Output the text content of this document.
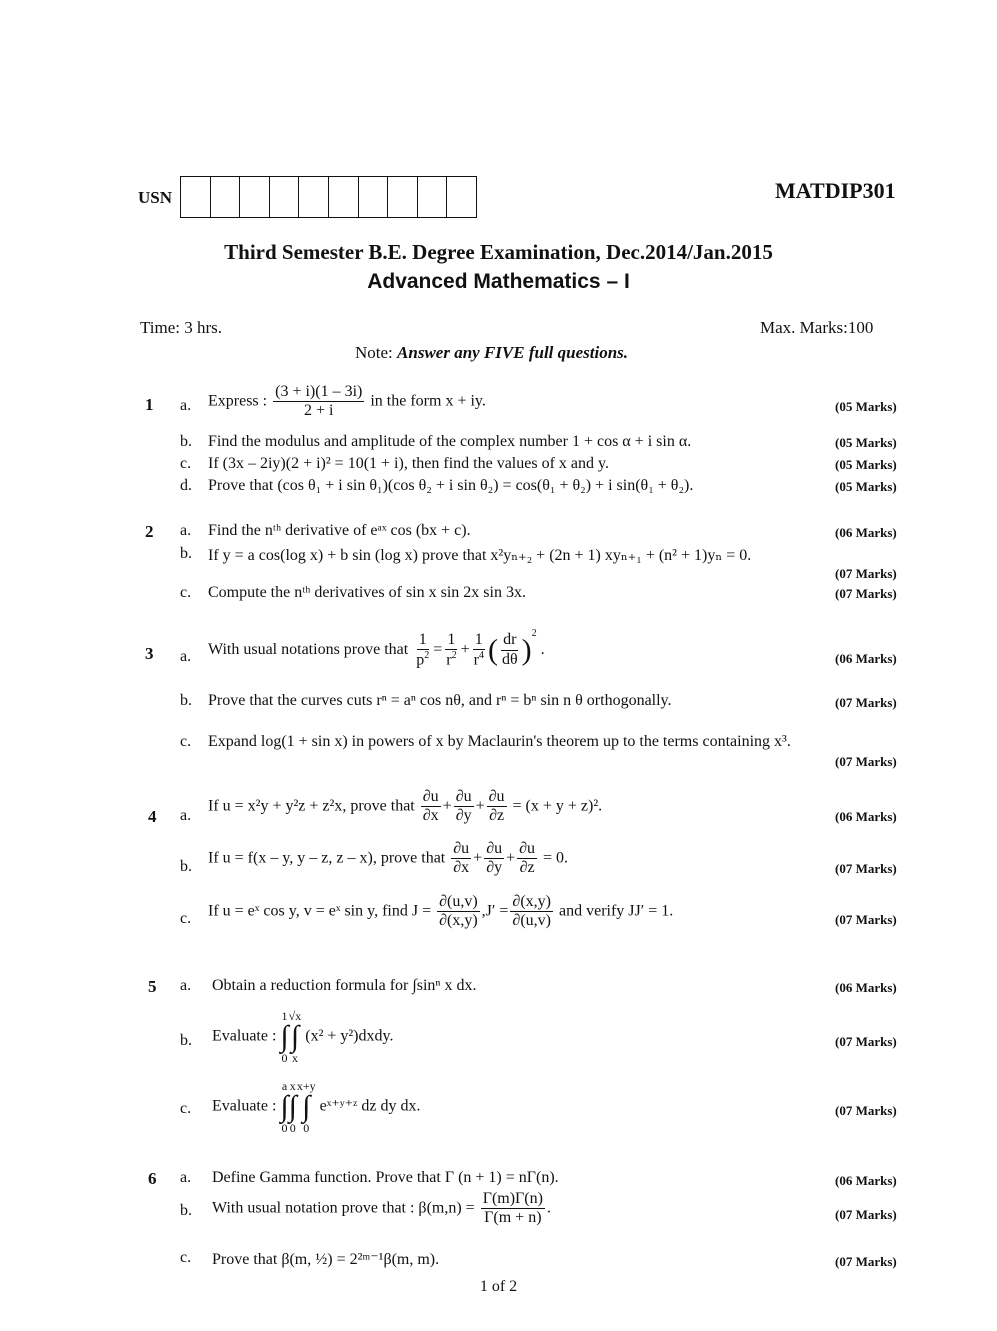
USN	MATDIP301
Third Semester B.E. Degree Examination, Dec.2014/Jan.2015
Advanced Mathematics – I
Time: 3 hrs.	Max. Marks:100
Note: Answer any FIVE full questions.
1 a. Express : $\frac{(3 + i)(1 - 3i)}{2 + i}$ in the form x + iy.	(05 Marks)
b. Find the modulus and amplitude of the complex number 1 + cos α + i sin α.	(05 Marks)
c. If (3x – 2iy)(2 + i)² = 10(1 + i), then find the values of x and y.	(05 Marks)
d. Prove that (cos θ₁ + i sin θ₁)(cos θ₂ + i sin θ₂) = cos(θ₁ + θ₂) + i sin(θ₁ + θ₂).	(05 Marks)
2 a. Find the nᵗʰ derivative of eᵃˣ cos (bx + c).	(06 Marks)
b. If y = a cos(log x) + b sin (log x) prove that x²yₙ₊₂ + (2n + 1) xyₙ₊₁ + (n² + 1)yₙ = 0.
(07 Marks)
c. Compute the nᵗʰ derivatives of sin x sin 2x sin 3x.	(07 Marks)
3 a. With usual notations prove that $\frac{1}{p^2} = \frac{1}{r^2} + \frac{1}{r^4}$ ( $\frac{dr}{d\theta} )^2$ .
(06 Marks)
b. Prove that the curves cuts rⁿ = aⁿ cos nθ, and rⁿ = bⁿ sin n θ orthogonally.	(07 Marks)
c. Expand log(1 + sin x) in powers of x by Maclaurin's theorem up to the terms containing x³.
(07 Marks)
4 a.
If u = x²y + y²z + z²x, prove that $\frac{\partial u}{\partial x} + \frac{\partial u}{\partial y} + \frac{\partial u}{\partial z} = (x + y + z)^2$.
(06 Marks)
b. If u = f(x – y, y – z, z – x), prove that $\frac{\partial u}{\partial x} + \frac{\partial u}{\partial y} + \frac{\partial u}{\partial z} = 0$.
(07 Marks)
c. If u = eˣ cos y, v = eˣ sin y, find $J = \frac{\partial(u,v)}{\partial(x,y)} ,J' = \frac{\partial(x,y)}{\partial(u,v)}$ and verify JJ′ = 1.	(07 Marks)
5 a. Obtain a reduction formula for ∫sinⁿ x dx.	(06 Marks)
b. Evaluate :
1
∫
0
√x
∫
x
(x² + y²)dxdy.	(07 Marks)
c. Evaluate :
a
∫
0
x
∫
0
x+y
∫
0
eˣ⁺ʸ⁺ᶻ dz dy dx.	(07 Marks)
6 a. Define Gamma function. Prove that Γ (n + 1) = nΓ(n).	(06 Marks)
b. With usual notation prove that : $\beta(m,n) = \frac{\Gamma(m)\Gamma(n)}{\Gamma(m + n)}$ .	(07 Marks)
c. Prove that β(m, ½) = 2²ᵐ⁻¹β(m, m).	(07 Marks)
1 of 2
